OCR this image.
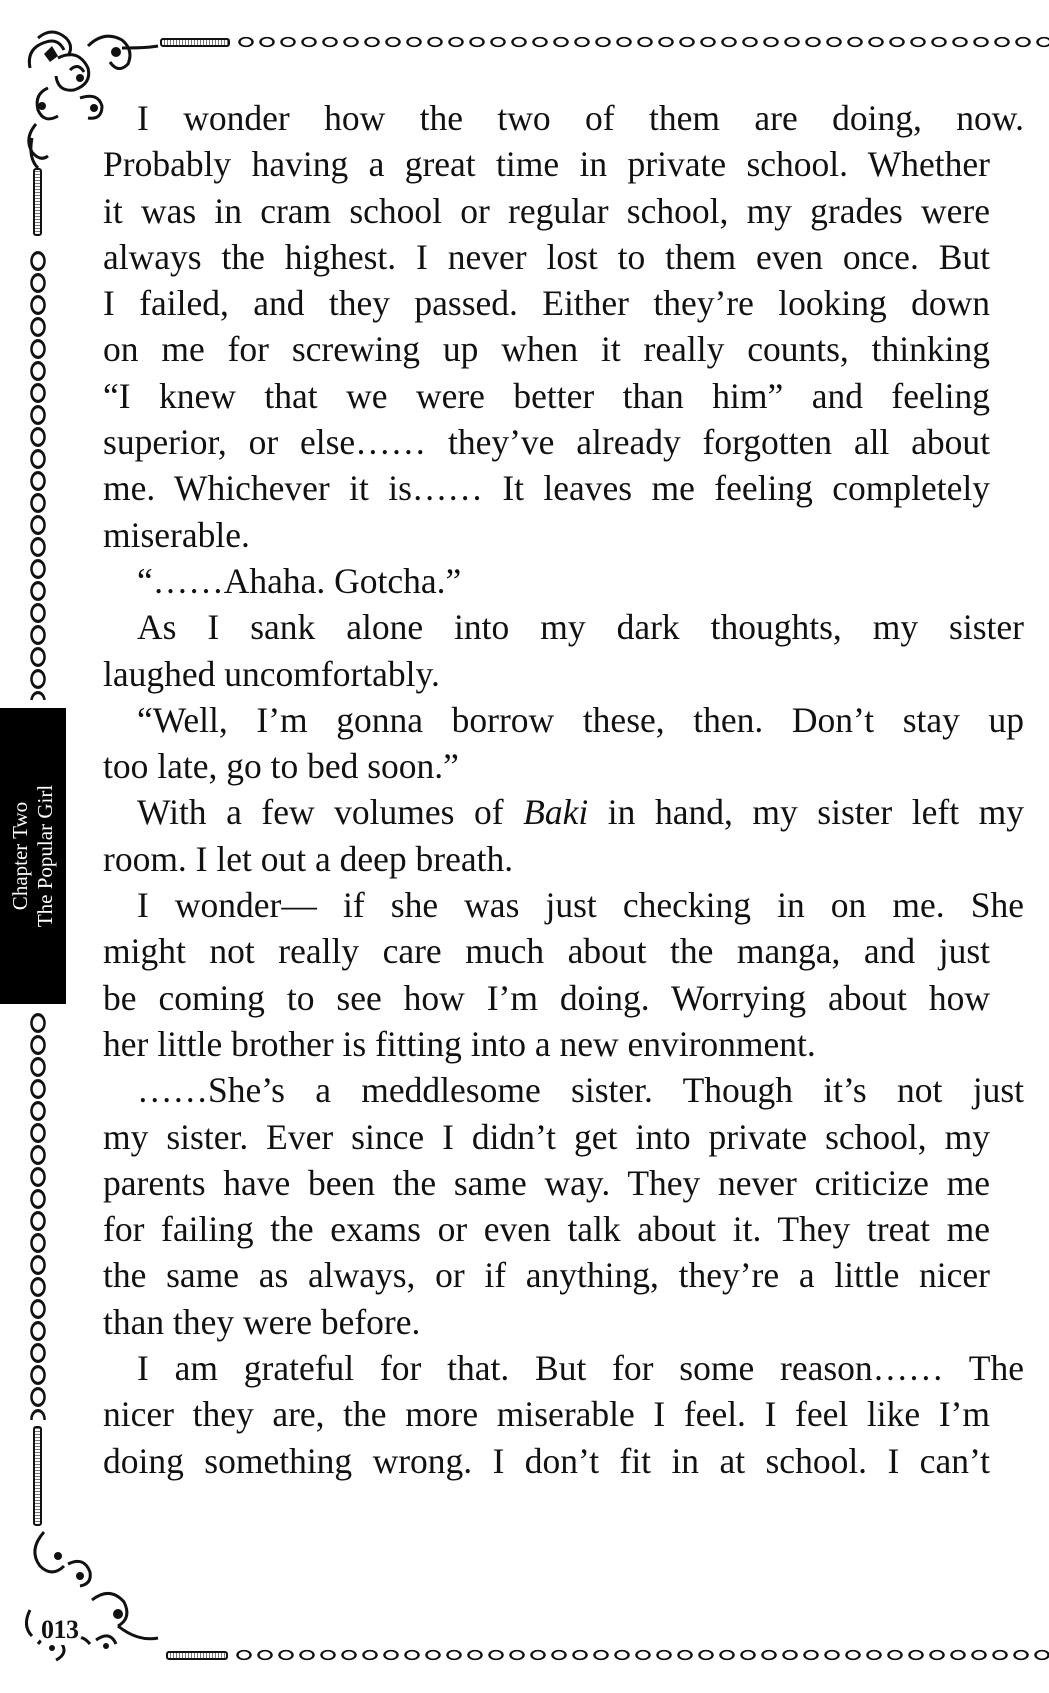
Chapter Two The Popular Girl
013
I wonder how the two of them are doing, now.
Probably having a great time in private school. Whether
it was in cram school or regular school, my grades were
always the highest. I never lost to them even once. But
I failed, and they passed. Either they’re looking down
on me for screwing up when it really counts, thinking
“I knew that we were better than him” and feeling
superior, or else…… they’ve already forgotten all about
me. Whichever it is…… It leaves me feeling completely
miserable.
“……Ahaha. Gotcha.”
As I sank alone into my dark thoughts, my sister
laughed uncomfortably.
“Well, I’m gonna borrow these, then. Don’t stay up
too late, go to bed soon.”
With a few volumes of Baki in hand, my sister left my
room. I let out a deep breath.
I wonder— if she was just checking in on me. She
might not really care much about the manga, and just
be coming to see how I’m doing. Worrying about how
her little brother is fitting into a new environment.
……She’s a meddlesome sister. Though it’s not just
my sister. Ever since I didn’t get into private school, my
parents have been the same way. They never criticize me
for failing the exams or even talk about it. They treat me
the same as always, or if anything, they’re a little nicer
than they were before.
I am grateful for that. But for some reason…… The
nicer they are, the more miserable I feel. I feel like I’m
doing something wrong. I don’t fit in at school. I can’t
